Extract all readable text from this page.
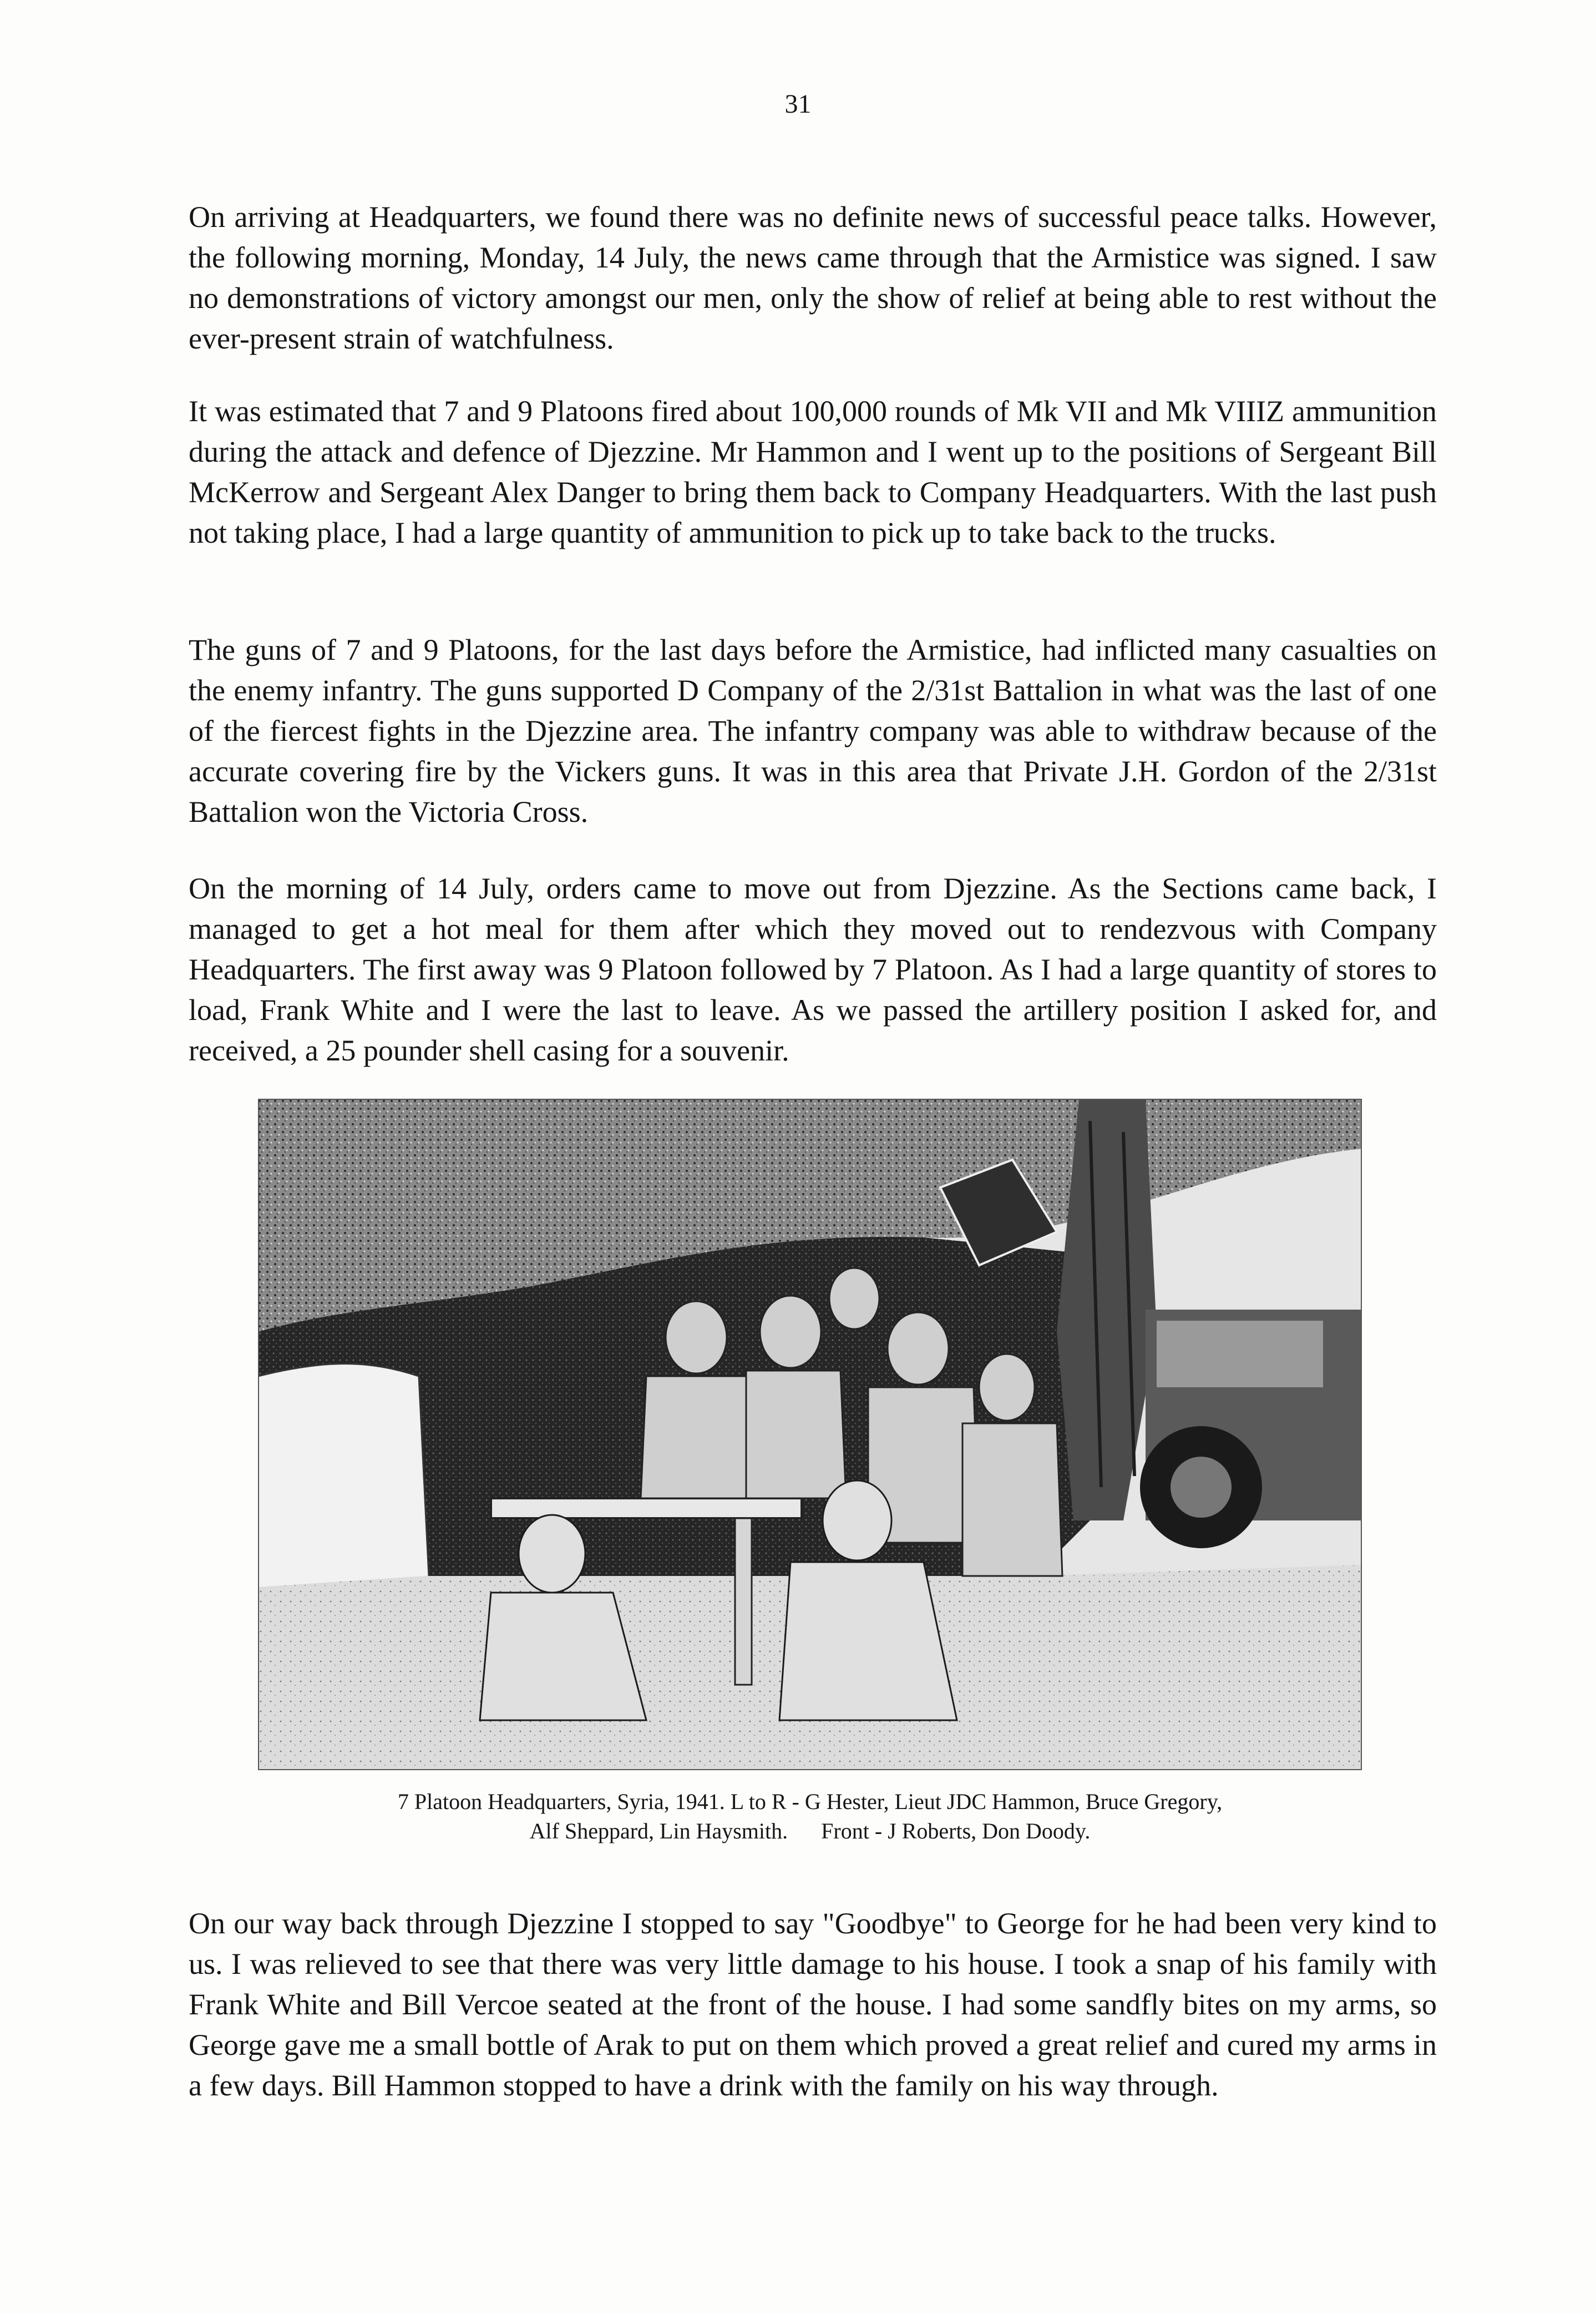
31

On arriving at Headquarters, we found there was no definite news of successful peace talks. However, the following morning, Monday, 14 July, the news came through that the Armistice was signed. I saw no demonstrations of victory amongst our men, only the show of relief at being able to rest without the ever-present strain of watchfulness.

It was estimated that 7 and 9 Platoons fired about 100,000 rounds of Mk VII and Mk VIIIZ ammunition during the attack and defence of Djezzine. Mr Hammon and I went up to the positions of Sergeant Bill McKerrow and Sergeant Alex Danger to bring them back to Company Headquarters. With the last push not taking place, I had a large quantity of ammunition to pick up to take back to the trucks.

The guns of 7 and 9 Platoons, for the last days before the Armistice, had inflicted many casualties on the enemy infantry. The guns supported D Company of the 2/31st Battalion in what was the last of one of the fiercest fights in the Djezzine area. The infantry company was able to withdraw because of the accurate covering fire by the Vickers guns. It was in this area that Private J.H. Gordon of the 2/31st Battalion won the Victoria Cross.

On the morning of 14 July, orders came to move out from Djezzine. As the Sections came back, I managed to get a hot meal for them after which they moved out to rendezvous with Company Headquarters. The first away was 9 Platoon followed by 7 Platoon. As I had a large quantity of stores to load, Frank White and I were the last to leave. As we passed the artillery position I asked for, and received, a 25 pounder shell casing for a souvenir.

7 Platoon Headquarters, Syria, 1941. L to R - G Hester, Lieut JDC Hammon, Bruce Gregory,
Alf Sheppard, Lin Haysmith. Front - J Roberts, Don Doody.

On our way back through Djezzine I stopped to say "Goodbye" to George for he had been very kind to us. I was relieved to see that there was very little damage to his house. I took a snap of his family with Frank White and Bill Vercoe seated at the front of the house. I had some sandfly bites on my arms, so George gave me a small bottle of Arak to put on them which proved a great relief and cured my arms in a few days. Bill Hammon stopped to have a drink with the family on his way through.
